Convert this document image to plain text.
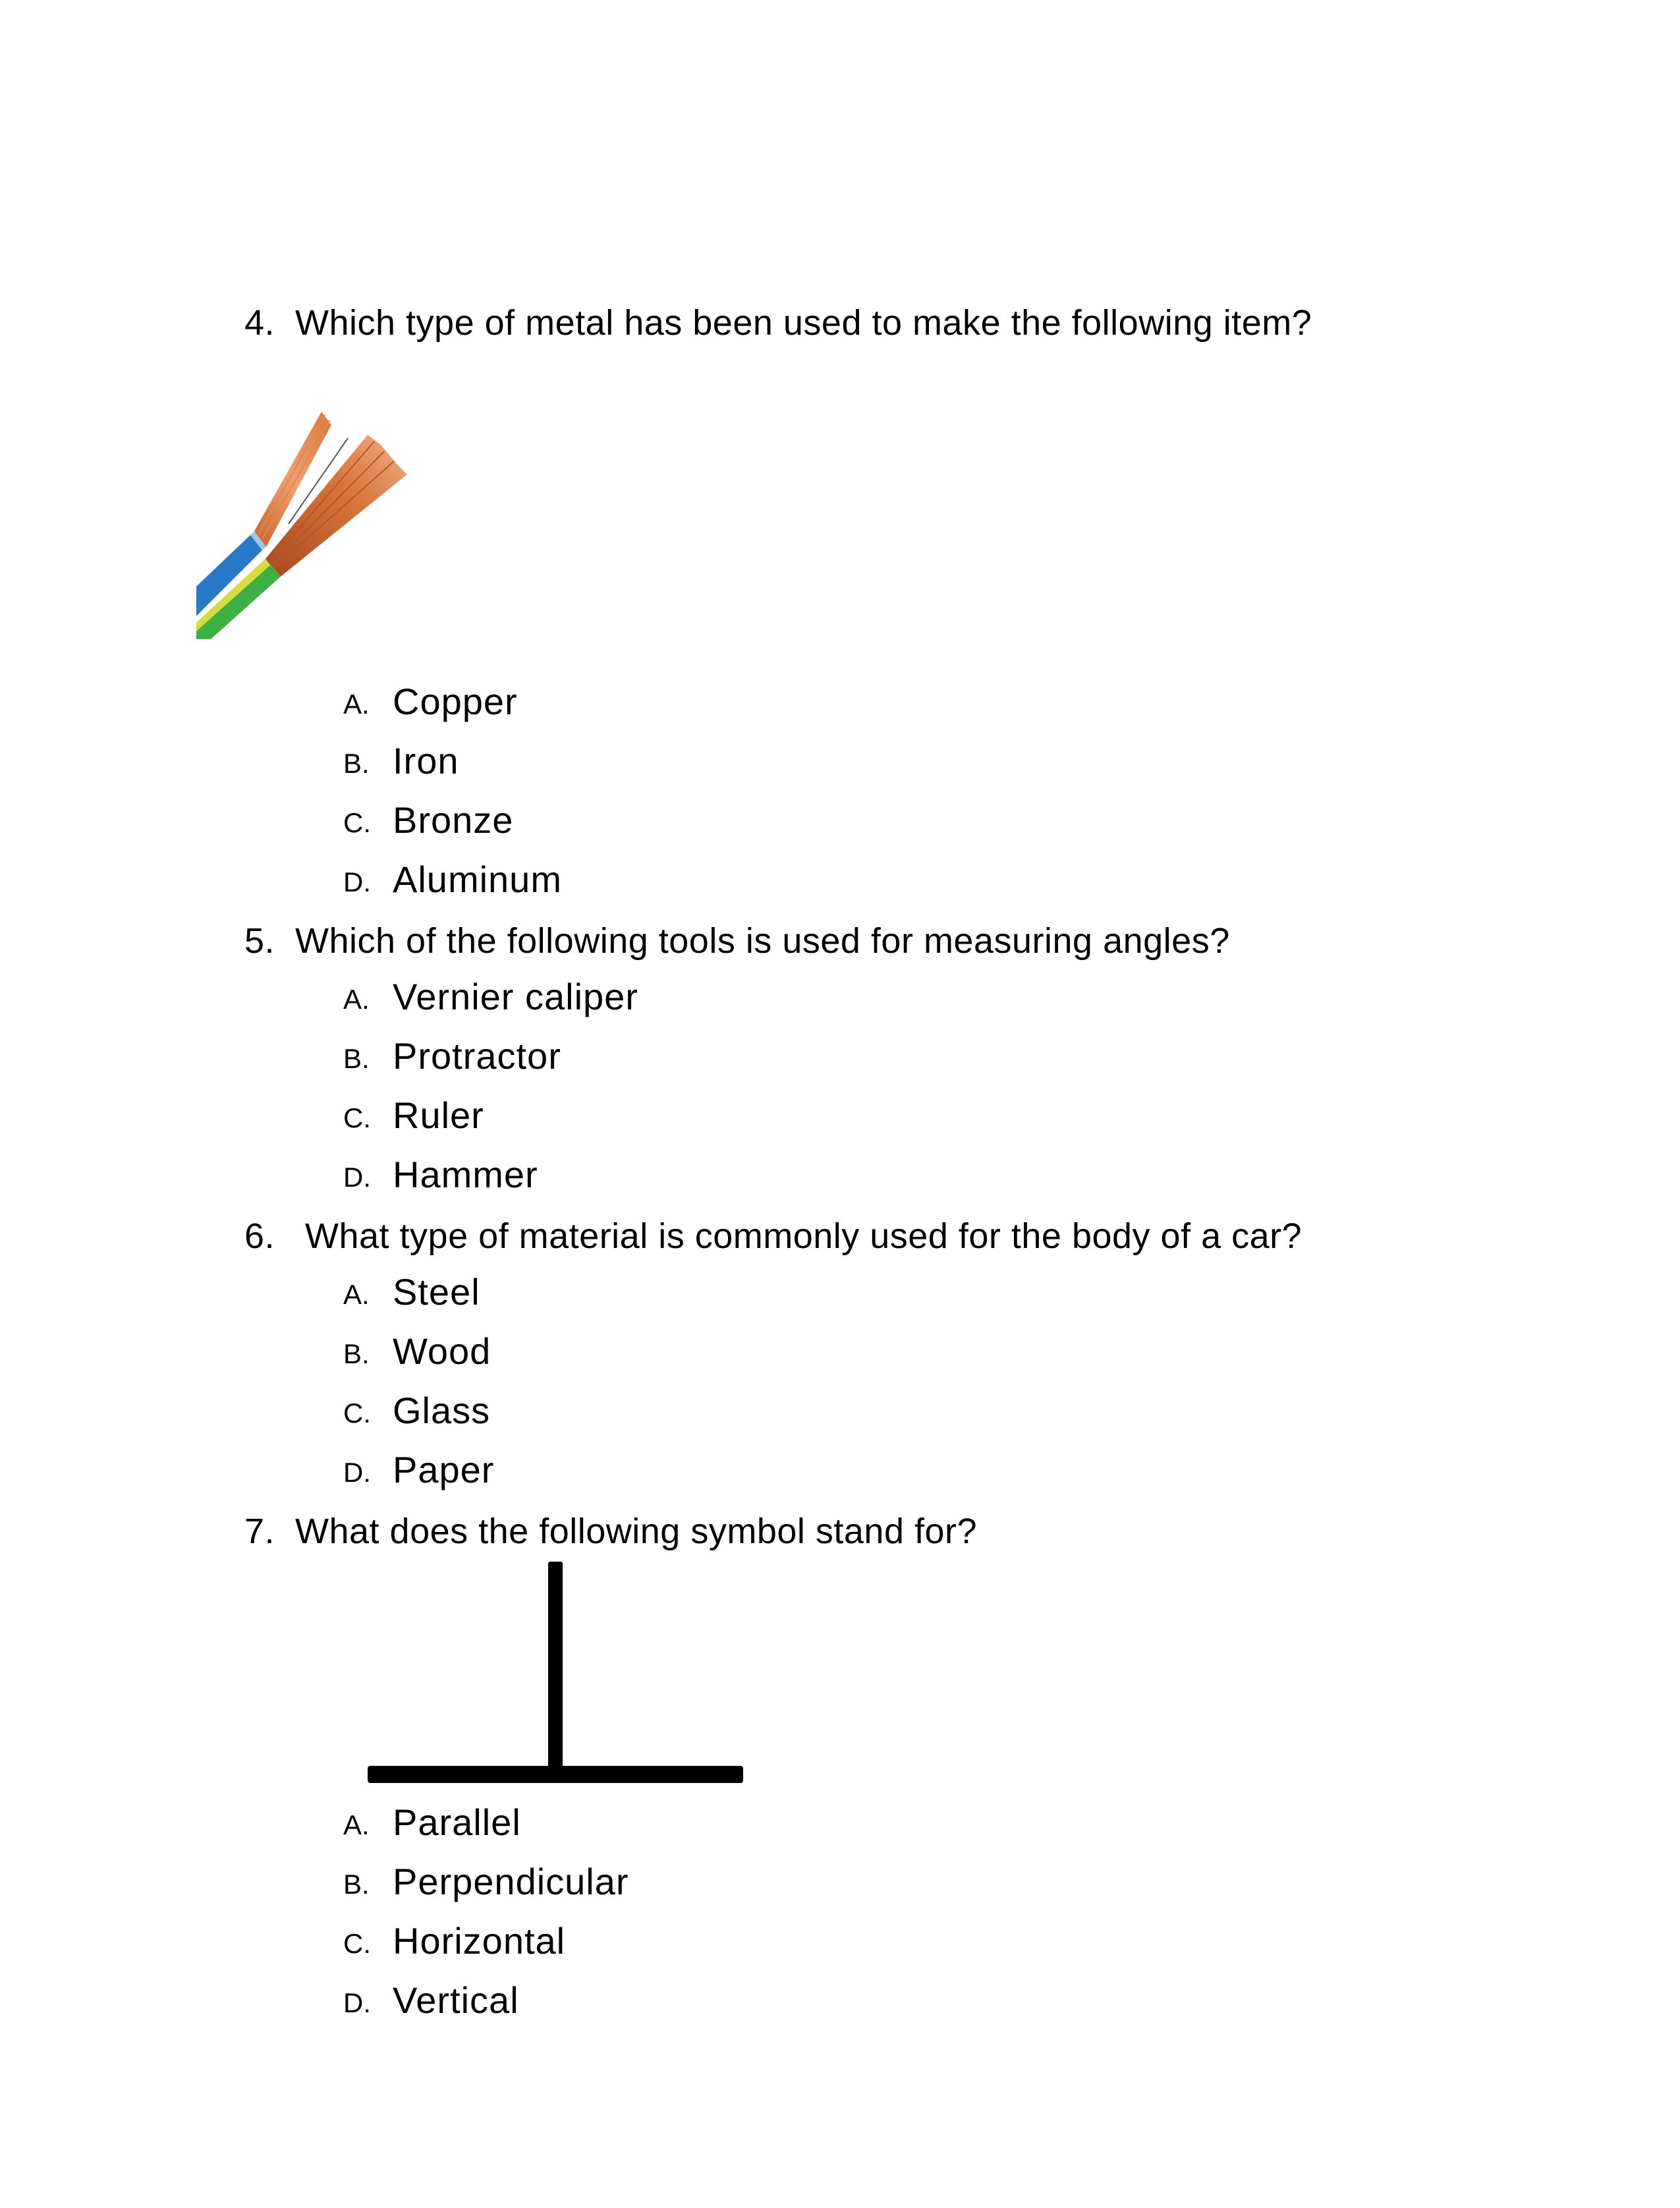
4.

Which type of metal has been used to make the following item?

A.

Copper

B.

Iron

C.

Bronze

D.

Aluminum

5.

Which of the following tools is used for measuring angles?

A.

Vernier caliper

B.

Protractor

C.

Ruler

D.

Hammer

6.

What type of material is commonly used for the body of a car?

A.

Steel

B.

Wood

C.

Glass

D.

Paper

7.

What does the following symbol stand for?

A.

Parallel

B.

Perpendicular

C.

Horizontal

D.

Vertical
